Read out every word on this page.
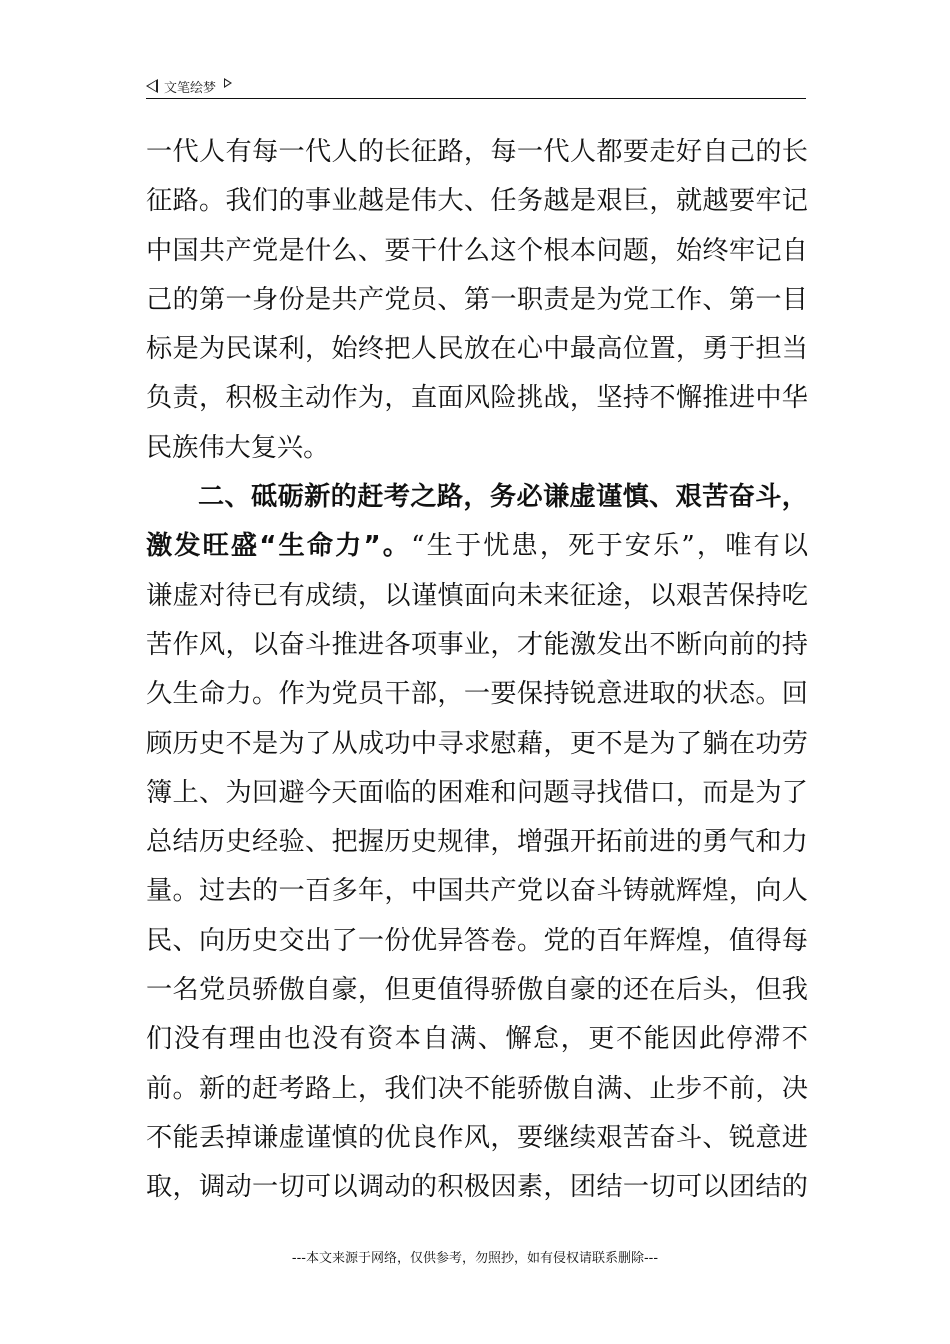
文笔绘梦
一代人有每一代人的长征路，每一代人都要走好自己的长
征路。我们的事业越是伟大、任务越是艰巨，就越要牢记
中国共产党是什么、要干什么这个根本问题，始终牢记自
己的第一身份是共产党员、第一职责是为党工作、第一目
标是为民谋利，始终把人民放在心中最高位置，勇于担当
负责，积极主动作为，直面风险挑战，坚持不懈推进中华
民族伟大复兴。
二、砥砺新的赶考之路，务必谦虚谨慎、艰苦奋斗，
激发旺盛“生命力”。“生于忧患，死于安乐”，唯有以
谦虚对待已有成绩，以谨慎面向未来征途，以艰苦保持吃
苦作风，以奋斗推进各项事业，才能激发出不断向前的持
久生命力。作为党员干部，一要保持锐意进取的状态。回
顾历史不是为了从成功中寻求慰藉，更不是为了躺在功劳
簿上、为回避今天面临的困难和问题寻找借口，而是为了
总结历史经验、把握历史规律，增强开拓前进的勇气和力
量。过去的一百多年，中国共产党以奋斗铸就辉煌，向人
民、向历史交出了一份优异答卷。党的百年辉煌，值得每
一名党员骄傲自豪，但更值得骄傲自豪的还在后头，但我
们没有理由也没有资本自满、懈怠，更不能因此停滞不
前。新的赶考路上，我们决不能骄傲自满、止步不前，决
不能丢掉谦虚谨慎的优良作风，要继续艰苦奋斗、锐意进
取，调动一切可以调动的积极因素，团结一切可以团结的
---本文来源于网络，仅供参考，勿照抄，如有侵权请联系删除---
